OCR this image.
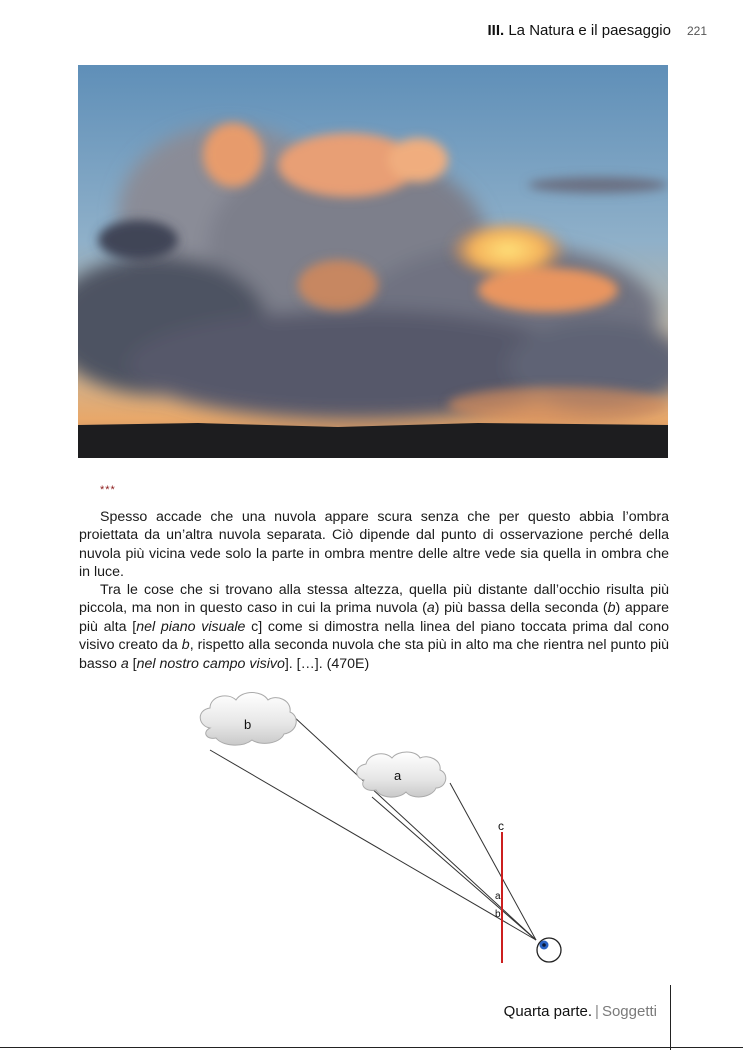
III. La Natura e il paesaggio 221
***
Spesso accade che una nuvola appare scura senza che per questo abbia l’ombra proiettata da un’altra nuvola separata. Ciò dipende dal punto di osservazione perché della nuvola più vicina vede solo la parte in ombra mentre delle altre vede sia quella in ombra che in luce.
Tra le cose che si trovano alla stessa altezza, quella più distante dall’occhio risulta più piccola, ma non in questo caso in cui la prima nuvola (a) più bassa della seconda (b) appare più alta [nel piano visuale c] come si dimostra nella linea del piano toccata prima dal cono visivo creato da b, rispetto alla seconda nuvola che sta più in alto ma che rientra nel punto più basso a [nel nostro campo visivo]. […]. (470E)
b
a
c
a
b
Quarta parte. | Soggetti
